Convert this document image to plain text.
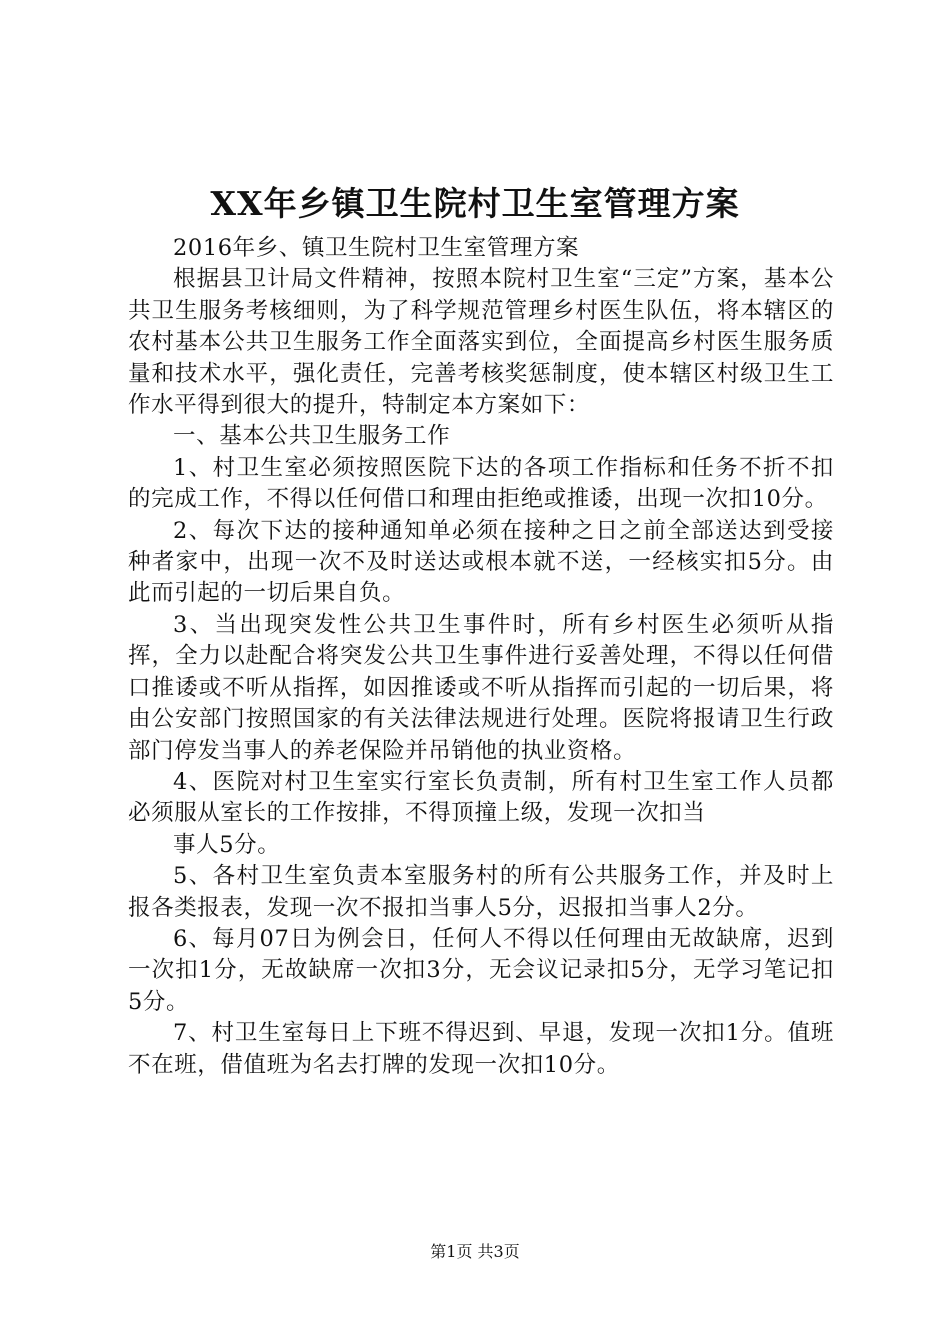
XX年乡镇卫生院村卫生室管理方案

2016年乡、镇卫生院村卫生室管理方案

根据县卫计局文件精神，按照本院村卫生室“三定”方案，基本公共卫生服务考核细则，为了科学规范管理乡村医生队伍，将本辖区的农村基本公共卫生服务工作全面落实到位，全面提高乡村医生服务质量和技术水平，强化责任，完善考核奖惩制度，使本辖区村级卫生工作水平得到很大的提升，特制定本方案如下：

一、基本公共卫生服务工作

1、村卫生室必须按照医院下达的各项工作指标和任务不折不扣的完成工作，不得以任何借口和理由拒绝或推诿，出现一次扣10分。

2、每次下达的接种通知单必须在接种之日之前全部送达到受接种者家中，出现一次不及时送达或根本就不送，一经核实扣5分。由此而引起的一切后果自负。

3、当出现突发性公共卫生事件时，所有乡村医生必须听从指挥，全力以赴配合将突发公共卫生事件进行妥善处理，不得以任何借口推诿或不听从指挥，如因推诿或不听从指挥而引起的一切后果，将由公安部门按照国家的有关法律法规进行处理。医院将报请卫生行政部门停发当事人的养老保险并吊销他的执业资格。

4、医院对村卫生室实行室长负责制，所有村卫生室工作人员都必须服从室长的工作按排，不得顶撞上级，发现一次扣当

事人5分。

5、各村卫生室负责本室服务村的所有公共服务工作，并及时上报各类报表，发现一次不报扣当事人5分，迟报扣当事人2分。

6、每月07日为例会日，任何人不得以任何理由无故缺席，迟到一次扣1分，无故缺席一次扣3分，无会议记录扣5分，无学习笔记扣5分。

7、村卫生室每日上下班不得迟到、早退，发现一次扣1分。值班不在班，借值班为名去打牌的发现一次扣10分。

第1页 共3页
